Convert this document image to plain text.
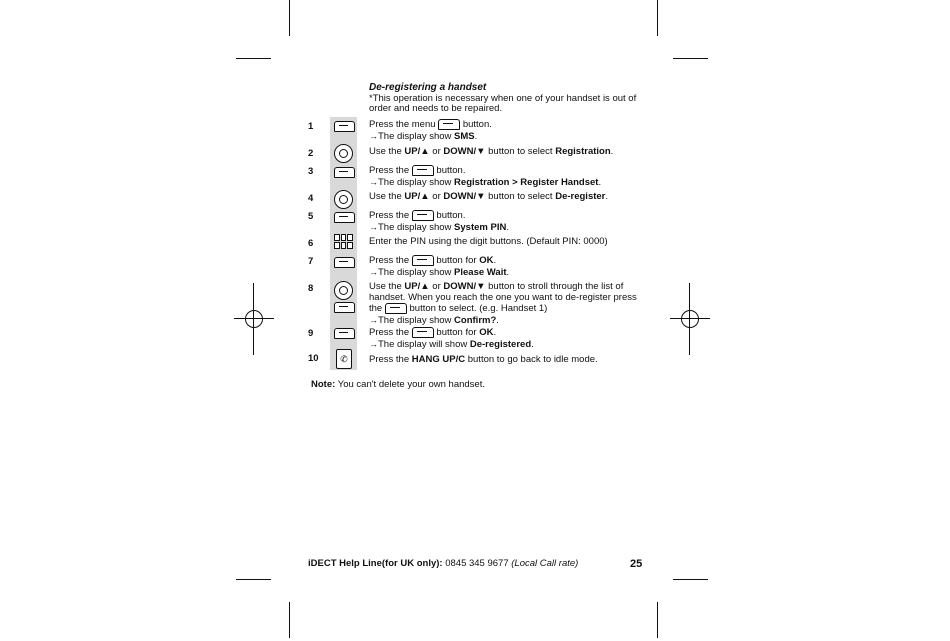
De-registering a handset
*This operation is necessary when one of your handset is out of order and needs to be repaired.
1	Press the menu	button.
→The display show SMS.
2	Use the UP/▲ or DOWN/▼ button to select Registration.
3	Press the	button.
→The display show Registration > Register Handset.
4	Use the UP/▲ or DOWN/▼ button to select De-register.
5	Press the	button.
→The display show System PIN.
6	Enter the PIN using the digit buttons. (Default PIN: 0000)
7	Press the	button for OK.
→The display show Please Wait.
8	Use the UP/▲ or DOWN/▼ button to stroll through the list of handset. When you reach the one you want to de-register press the	button to select. (e.g. Handset 1)
→The display show Confirm?.
9	Press the	button for OK.
→The display will show De-registered.
10	✆	Press the HANG UP/C button to go back to idle mode.
Note: You can't delete your own handset.
iDECT Help Line(for UK only): 0845 345 9677 (Local Call rate)	25
